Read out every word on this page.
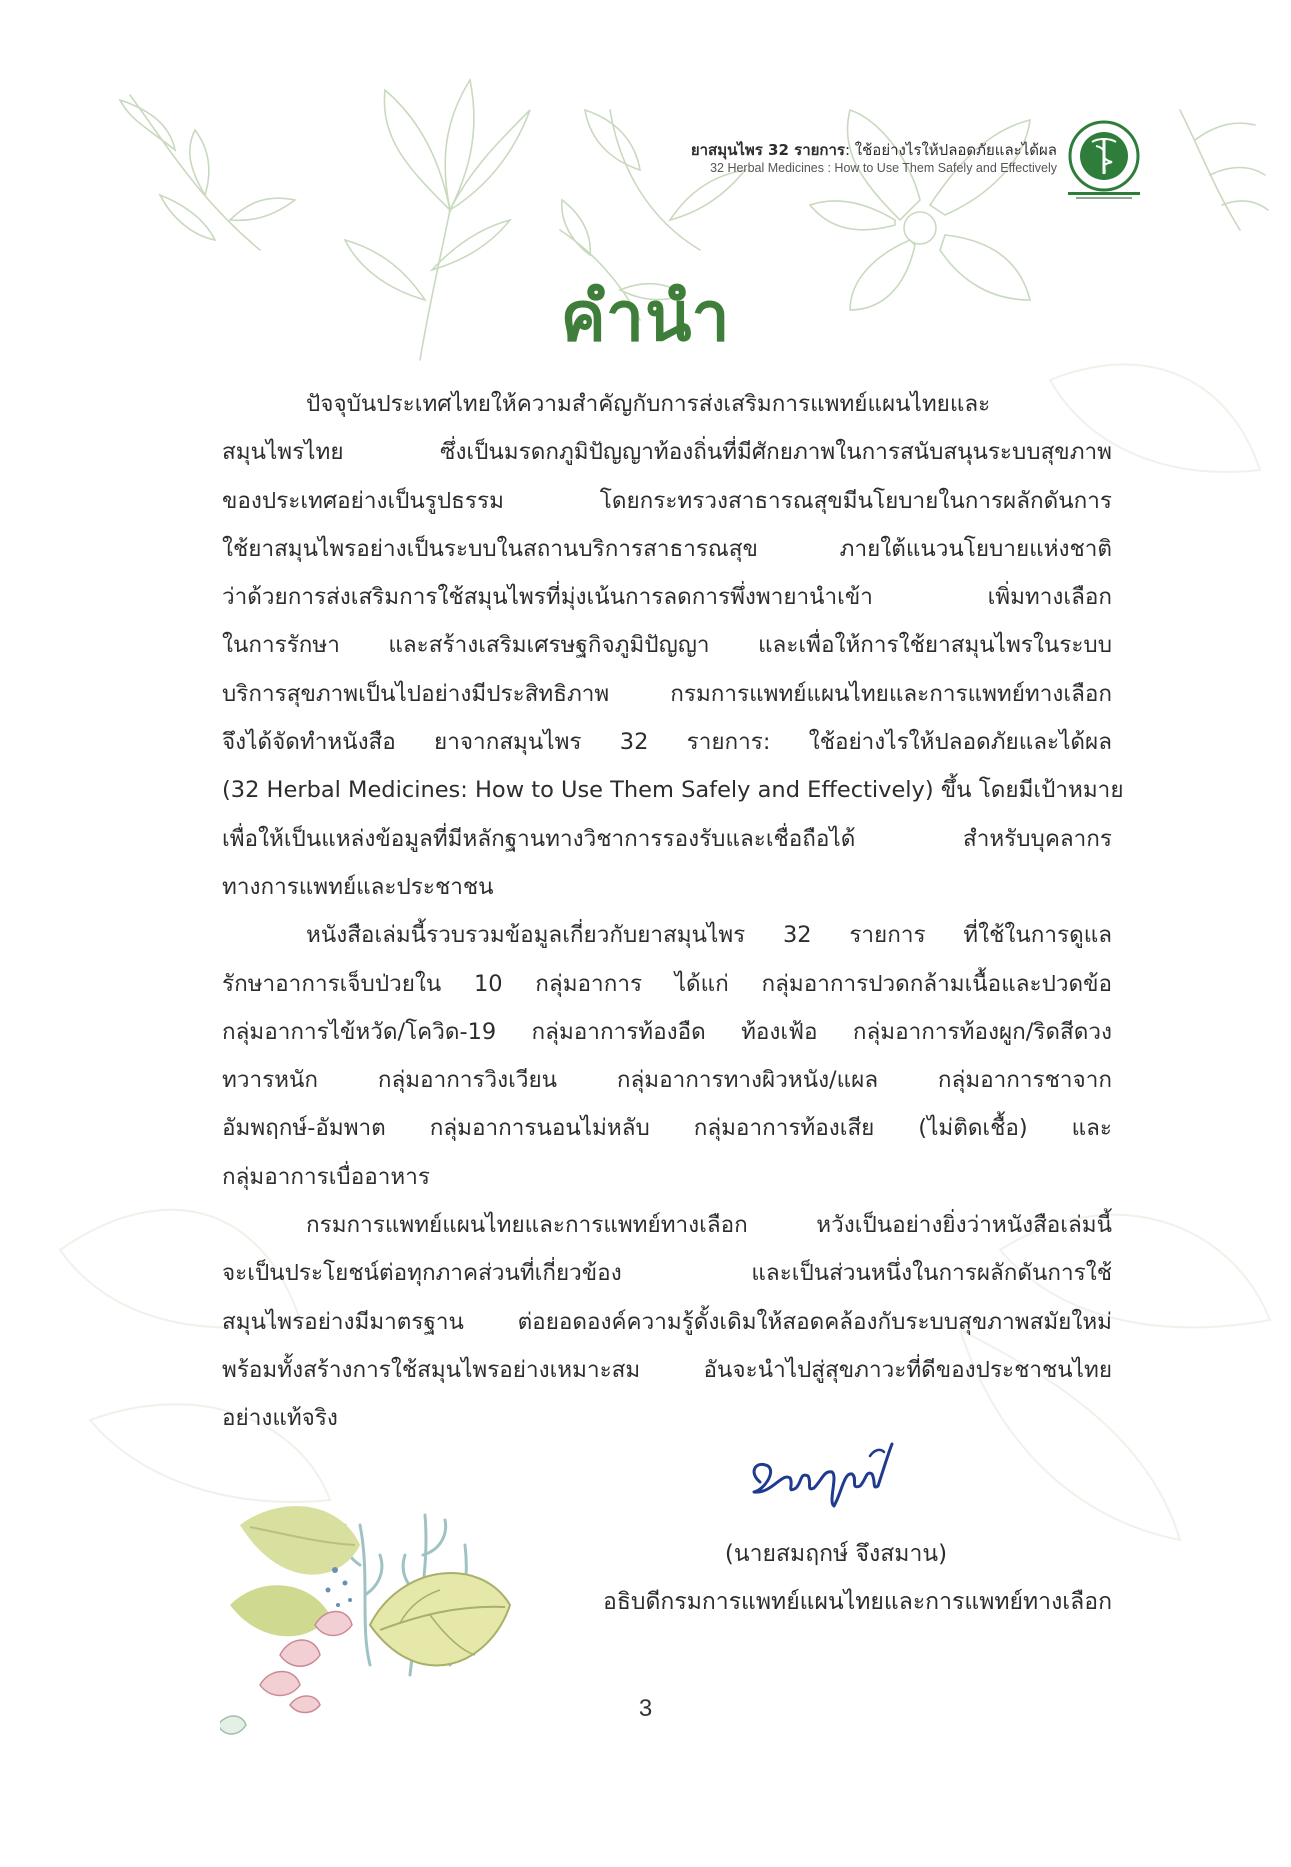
ยาสมุนไพร 32 รายการ: ใช้อย่างไรให้ปลอดภัยและได้ผล
32 Herbal Medicines : How to Use Them Safely and Effectively
คำนำ
ปัจจุบันประเทศไทยให้ความสำคัญกับการส่งเสริมการแพทย์แผนไทยและ
สมุนไพรไทย ซึ่งเป็นมรดกภูมิปัญญาท้องถิ่นที่มีศักยภาพในการสนับสนุนระบบสุขภาพ
ของประเทศอย่างเป็นรูปธรรม โดยกระทรวงสาธารณสุขมีนโยบายในการผลักดันการ
ใช้ยาสมุนไพรอย่างเป็นระบบในสถานบริการสาธารณสุข ภายใต้แนวนโยบายแห่งชาติ
ว่าด้วยการส่งเสริมการใช้สมุนไพรที่มุ่งเน้นการลดการพึ่งพายานำเข้า เพิ่มทางเลือก
ในการรักษา และสร้างเสริมเศรษฐกิจภูมิปัญญา และเพื่อให้การใช้ยาสมุนไพรในระบบ
บริการสุขภาพเป็นไปอย่างมีประสิทธิภาพ กรมการแพทย์แผนไทยและการแพทย์ทางเลือก
จึงได้จัดทำหนังสือ ยาจากสมุนไพร 32 รายการ: ใช้อย่างไรให้ปลอดภัยและได้ผล
(32 Herbal Medicines: How to Use Them Safely and Effectively) ขึ้น โดยมีเป้าหมาย
เพื่อให้เป็นแหล่งข้อมูลที่มีหลักฐานทางวิชาการรองรับและเชื่อถือได้ สำหรับบุคลากร
ทางการแพทย์และประชาชน
หนังสือเล่มนี้รวบรวมข้อมูลเกี่ยวกับยาสมุนไพร 32 รายการ ที่ใช้ในการดูแล
รักษาอาการเจ็บป่วยใน 10 กลุ่มอาการ ได้แก่ กลุ่มอาการปวดกล้ามเนื้อและปวดข้อ
กลุ่มอาการไข้หวัด/โควิด-19 กลุ่มอาการท้องอืด ท้องเฟ้อ กลุ่มอาการท้องผูก/ริดสีดวง
ทวารหนัก กลุ่มอาการวิงเวียน กลุ่มอาการทางผิวหนัง/แผล กลุ่มอาการชาจาก
อัมพฤกษ์-อัมพาต กลุ่มอาการนอนไม่หลับ กลุ่มอาการท้องเสีย (ไม่ติดเชื้อ) และ
กลุ่มอาการเบื่ออาหาร
กรมการแพทย์แผนไทยและการแพทย์ทางเลือก หวังเป็นอย่างยิ่งว่าหนังสือเล่มนี้
จะเป็นประโยชน์ต่อทุกภาคส่วนที่เกี่ยวข้อง และเป็นส่วนหนึ่งในการผลักดันการใช้
สมุนไพรอย่างมีมาตรฐาน ต่อยอดองค์ความรู้ดั้งเดิมให้สอดคล้องกับระบบสุขภาพสมัยใหม่
พร้อมทั้งสร้างการใช้สมุนไพรอย่างเหมาะสม อันจะนำไปสู่สุขภาวะที่ดีของประชาชนไทย
อย่างแท้จริง
(นายสมฤกษ์ จึงสมาน)
อธิบดีกรมการแพทย์แผนไทยและการแพทย์ทางเลือก
3
